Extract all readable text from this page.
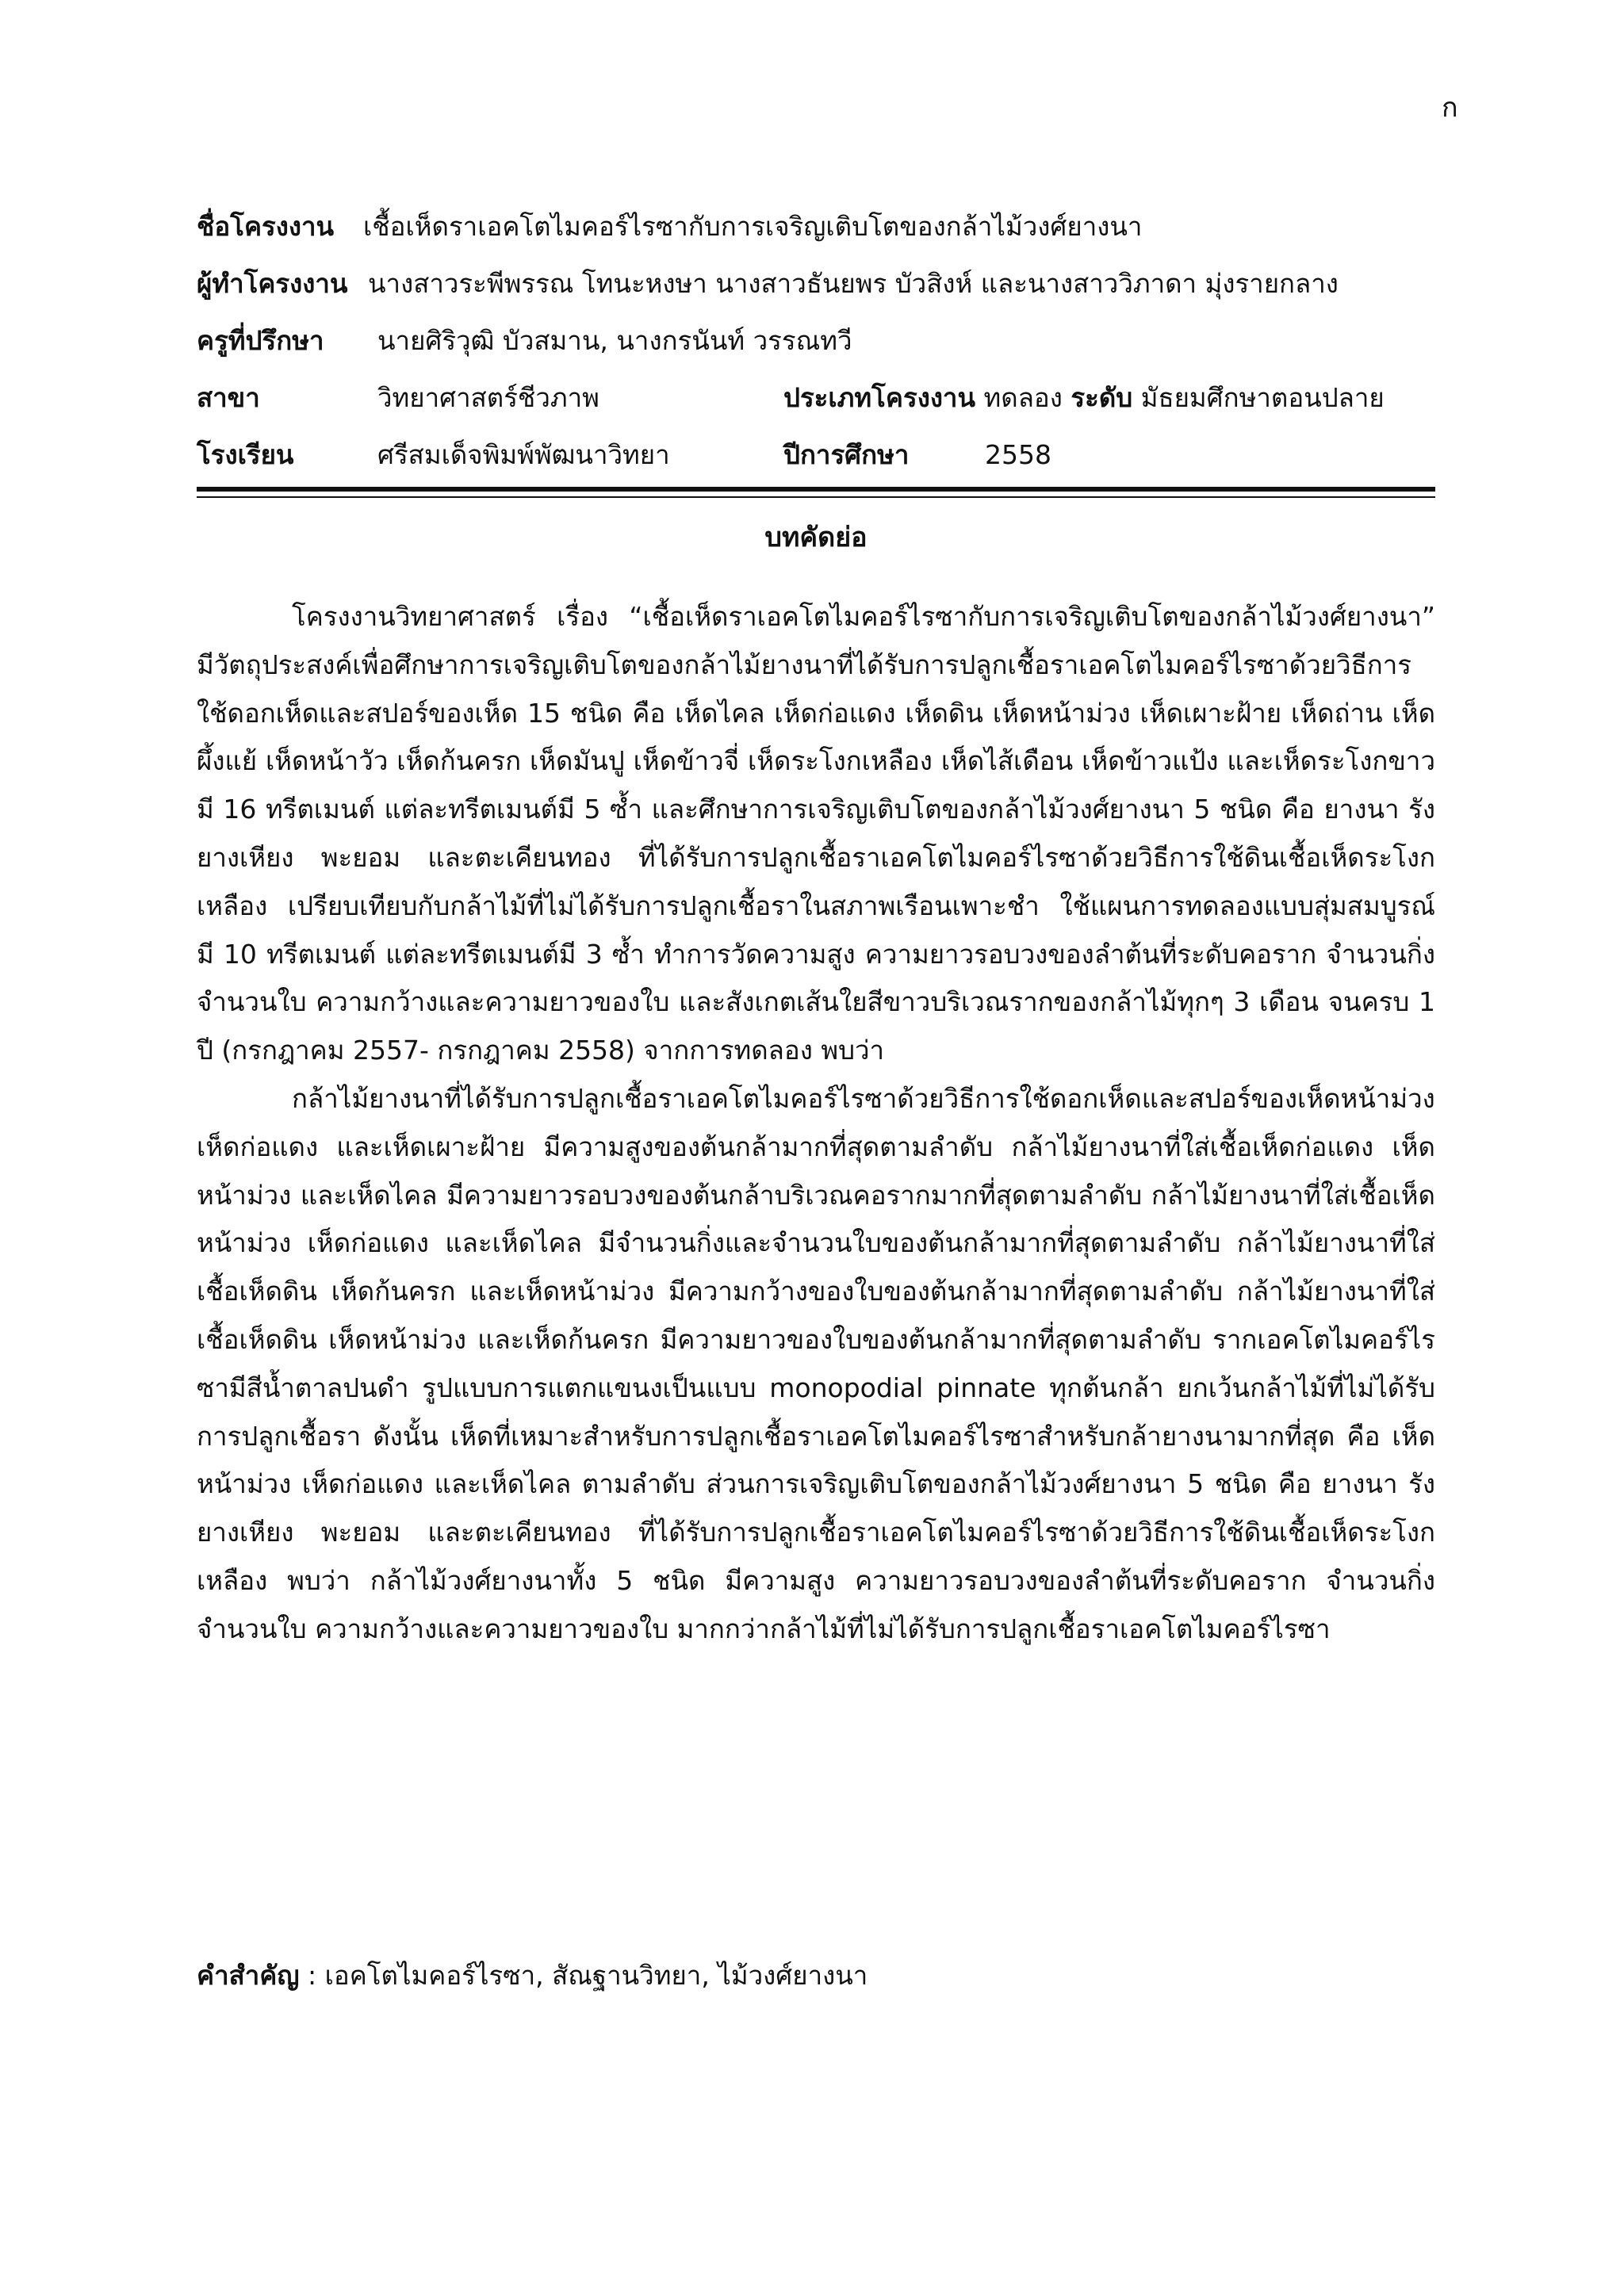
ก
ชื่อโครงงาน เชื้อเห็ดราเอคโตไมคอร์ไรซากับการเจริญเติบโตของกล้าไม้วงศ์ยางนา
ผู้ทำโครงงาน นางสาวระพีพรรณ โทนะหงษา นางสาวธันยพร บัวสิงห์ และนางสาววิภาดา มุ่งรายกลาง
ครูที่ปรึกษา นายศิริวุฒิ บัวสมาน, นางกรนันท์ วรรณทวี
สาขา	วิทยาศาสตร์ชีวภาพ	ประเภทโครงงาน ทดลอง ระดับ มัธยมศึกษาตอนปลาย
โรงเรียน	ศรีสมเด็จพิมพ์พัฒนาวิทยา	ปีการศึกษา	2558
บทคัดย่อ

โครงงานวิทยาศาสตร์ เรื่อง “เชื้อเห็ดราเอคโตไมคอร์ไรซากับการเจริญเติบโตของกล้าไม้วงศ์ยางนา” มีวัตถุประสงค์เพื่อศึกษาการเจริญเติบโตของกล้าไม้ยางนาที่ได้รับการปลูกเชื้อราเอคโตไมคอร์ไรซาด้วยวิธีการใช้ดอกเห็ดและสปอร์ของเห็ด 15 ชนิด คือ เห็ดไคล เห็ดก่อแดง เห็ดดิน เห็ดหน้าม่วง เห็ดเผาะฝ้าย เห็ดถ่าน เห็ดผึ้งแย้ เห็ดหน้าวัว เห็ดก้นครก เห็ดมันปู เห็ดข้าวจี่ เห็ดระโงกเหลือง เห็ดไส้เดือน เห็ดข้าวแป้ง และเห็ดระโงกขาว มี 16 ทรีตเมนต์ แต่ละทรีตเมนต์มี 5 ซ้ำ และศึกษาการเจริญเติบโตของกล้าไม้วงศ์ยางนา 5 ชนิด คือ ยางนา รัง ยางเหียง พะยอม และตะเคียนทอง ที่ได้รับการปลูกเชื้อราเอคโตไมคอร์ไรซาด้วยวิธีการใช้ดินเชื้อเห็ดระโงกเหลือง เปรียบเทียบกับกล้าไม้ที่ไม่ได้รับการปลูกเชื้อราในสภาพเรือนเพาะชำ ใช้แผนการทดลองแบบสุ่มสมบูรณ์ มี 10 ทรีตเมนต์ แต่ละทรีตเมนต์มี 3 ซ้ำ ทำการวัดความสูง ความยาวรอบวงของลำต้นที่ระดับคอราก จำนวนกิ่ง จำนวนใบ ความกว้างและความยาวของใบ และสังเกตเส้นใยสีขาวบริเวณรากของกล้าไม้ทุกๆ 3 เดือน จนครบ 1 ปี (กรกฎาคม 2557- กรกฎาคม 2558) จากการทดลอง พบว่า

กล้าไม้ยางนาที่ได้รับการปลูกเชื้อราเอคโตไมคอร์ไรซาด้วยวิธีการใช้ดอกเห็ดและสปอร์ของเห็ดหน้าม่วง เห็ดก่อแดง และเห็ดเผาะฝ้าย มีความสูงของต้นกล้ามากที่สุดตามลำดับ กล้าไม้ยางนาที่ใส่เชื้อเห็ดก่อแดง เห็ด หน้าม่วง และเห็ดไคล มีความยาวรอบวงของต้นกล้าบริเวณคอรากมากที่สุดตามลำดับ กล้าไม้ยางนาที่ใส่เชื้อเห็ดหน้าม่วง เห็ดก่อแดง และเห็ดไคล มีจำนวนกิ่งและจำนวนใบของต้นกล้ามากที่สุดตามลำดับ กล้าไม้ยางนาที่ใส่เชื้อเห็ดดิน เห็ดก้นครก และเห็ดหน้าม่วง มีความกว้างของใบของต้นกล้ามากที่สุดตามลำดับ กล้าไม้ยางนาที่ใส่เชื้อเห็ดดิน เห็ดหน้าม่วง และเห็ดก้นครก มีความยาวของใบของต้นกล้ามากที่สุดตามลำดับ รากเอคโตไมคอร์ไรซามีสีน้ำตาลปนดำ รูปแบบการแตกแขนงเป็นแบบ monopodial pinnate ทุกต้นกล้า ยกเว้นกล้าไม้ที่ไม่ได้รับการปลูกเชื้อรา ดังนั้น เห็ดที่เหมาะสำหรับการปลูกเชื้อราเอคโตไมคอร์ไรซาสำหรับกล้ายางนามากที่สุด คือ เห็ดหน้าม่วง เห็ดก่อแดง และเห็ดไคล ตามลำดับ ส่วนการเจริญเติบโตของกล้าไม้วงศ์ยางนา 5 ชนิด คือ ยางนา รัง ยางเหียง พะยอม และตะเคียนทอง ที่ได้รับการปลูกเชื้อราเอคโตไมคอร์ไรซาด้วยวิธีการใช้ดินเชื้อเห็ดระโงกเหลือง พบว่า กล้าไม้วงศ์ยางนาทั้ง 5 ชนิด มีความสูง ความยาวรอบวงของลำต้นที่ระดับคอราก จำนวนกิ่ง จำนวนใบ ความกว้างและความยาวของใบ มากกว่ากล้าไม้ที่ไม่ได้รับการปลูกเชื้อราเอคโตไมคอร์ไรซา

คำสำคัญ : เอคโตไมคอร์ไรซา, สัณฐานวิทยา, ไม้วงศ์ยางนา
